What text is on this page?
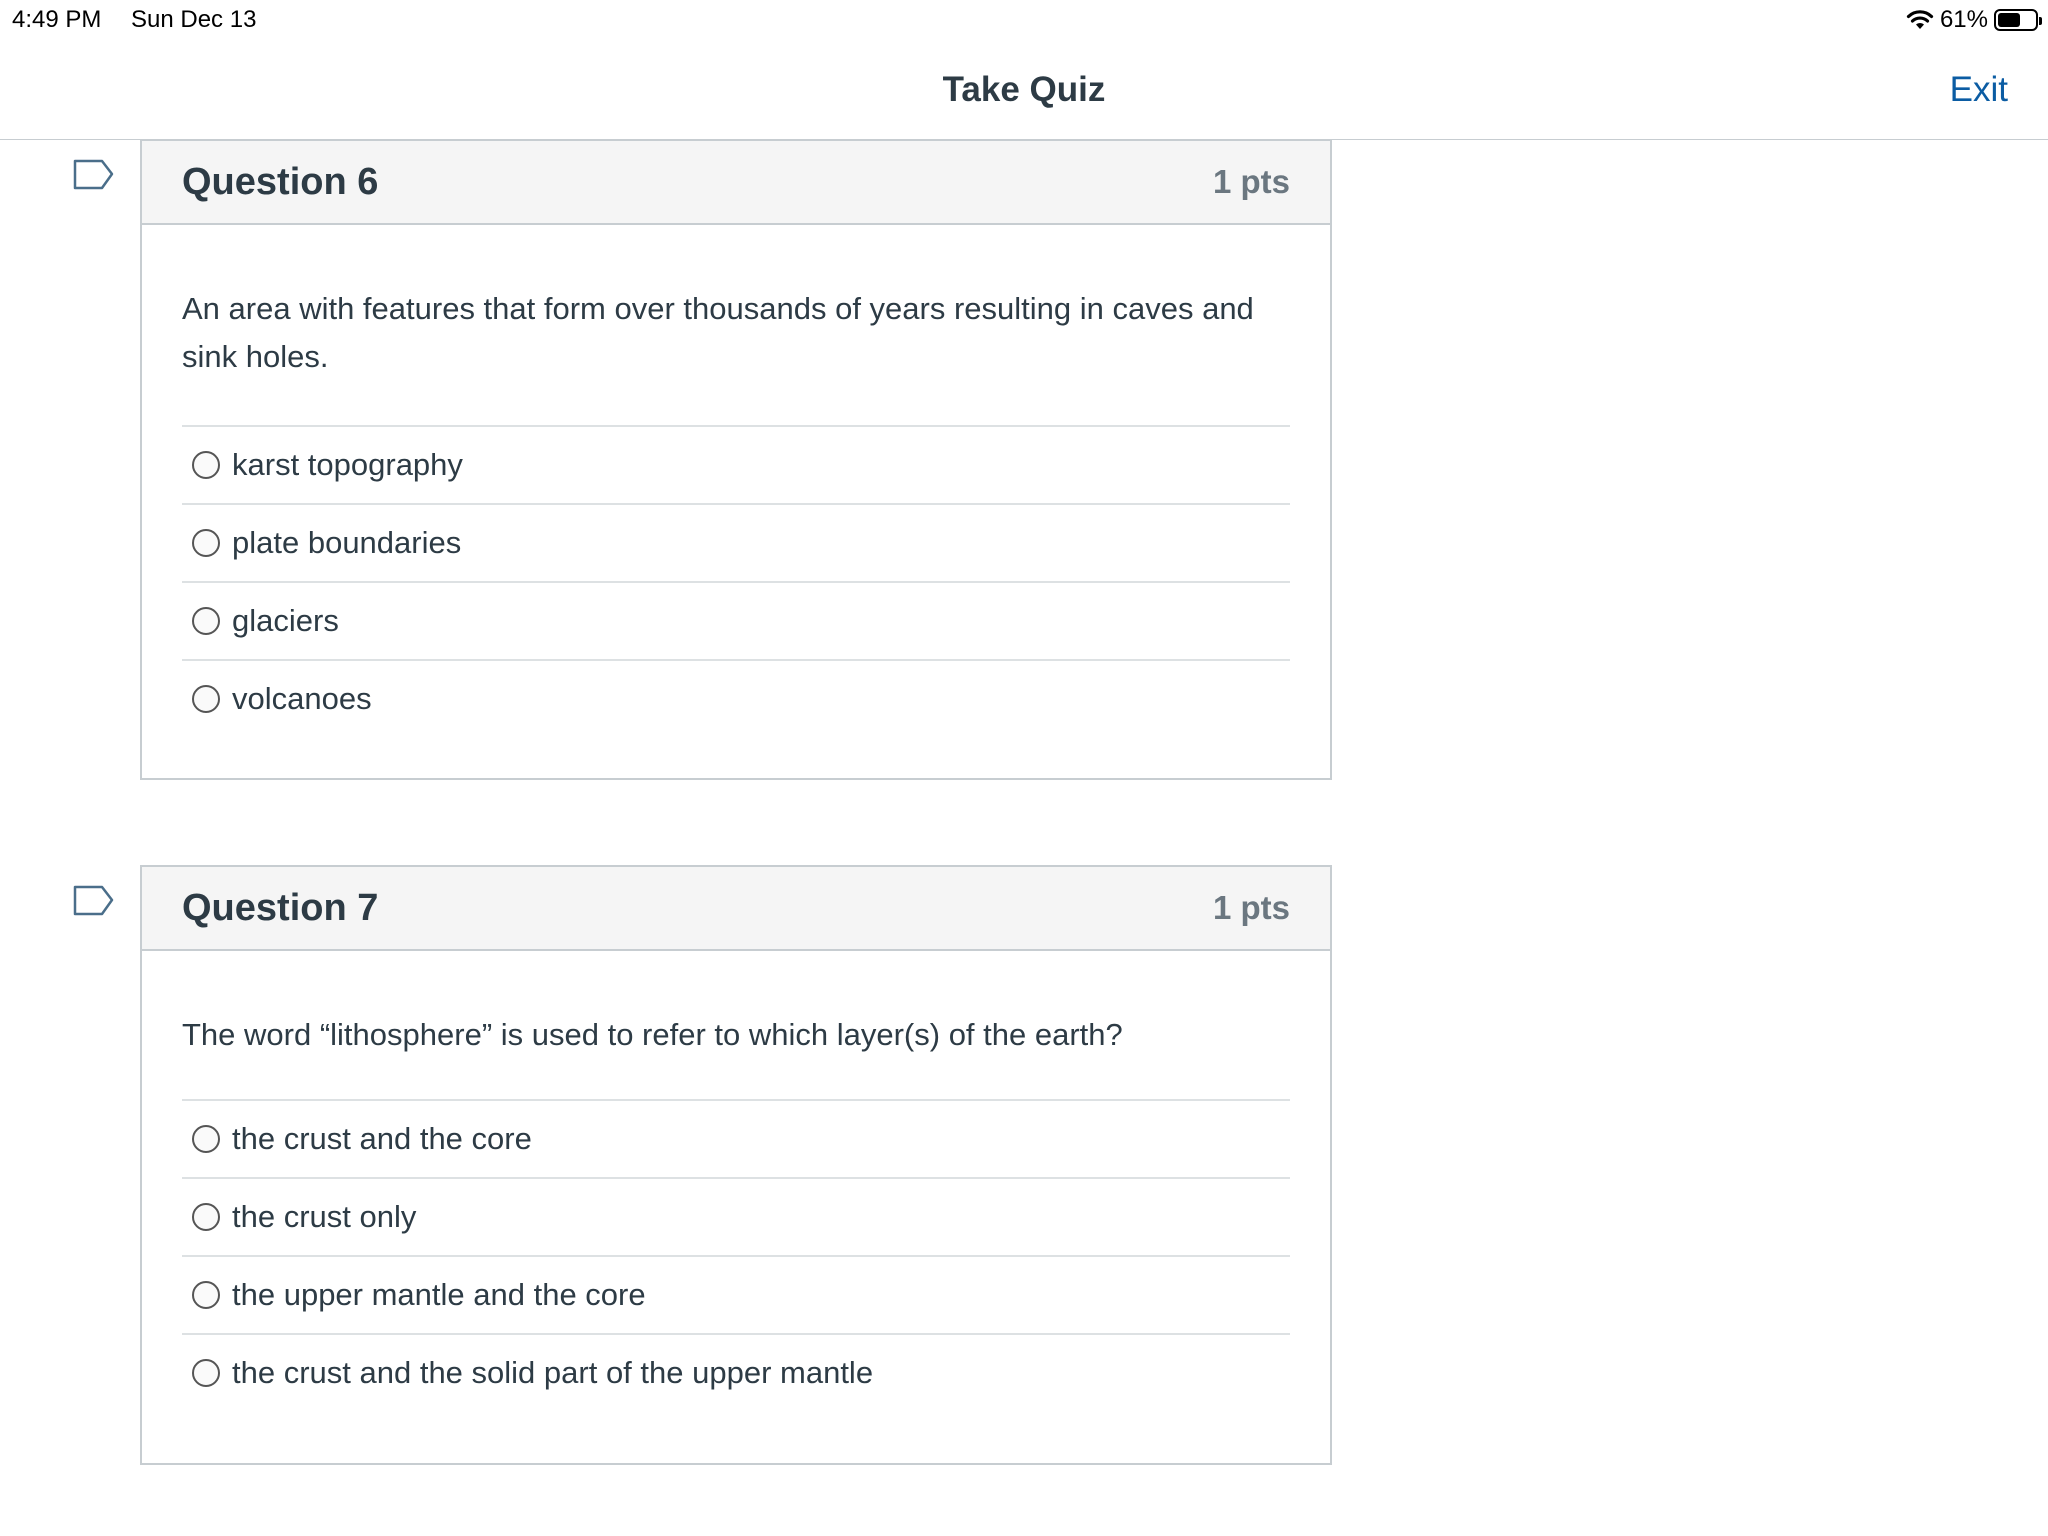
4:49 PM Sun Dec 13	61%
Take Quiz	Exit
Question 6	1 pts
An area with features that form over thousands of years resulting in caves and sink holes.
karst topography
plate boundaries
glaciers
volcanoes
Question 7	1 pts
The word “lithosphere” is used to refer to which layer(s) of the earth?
the crust and the core
the crust only
the upper mantle and the core
the crust and the solid part of the upper mantle
